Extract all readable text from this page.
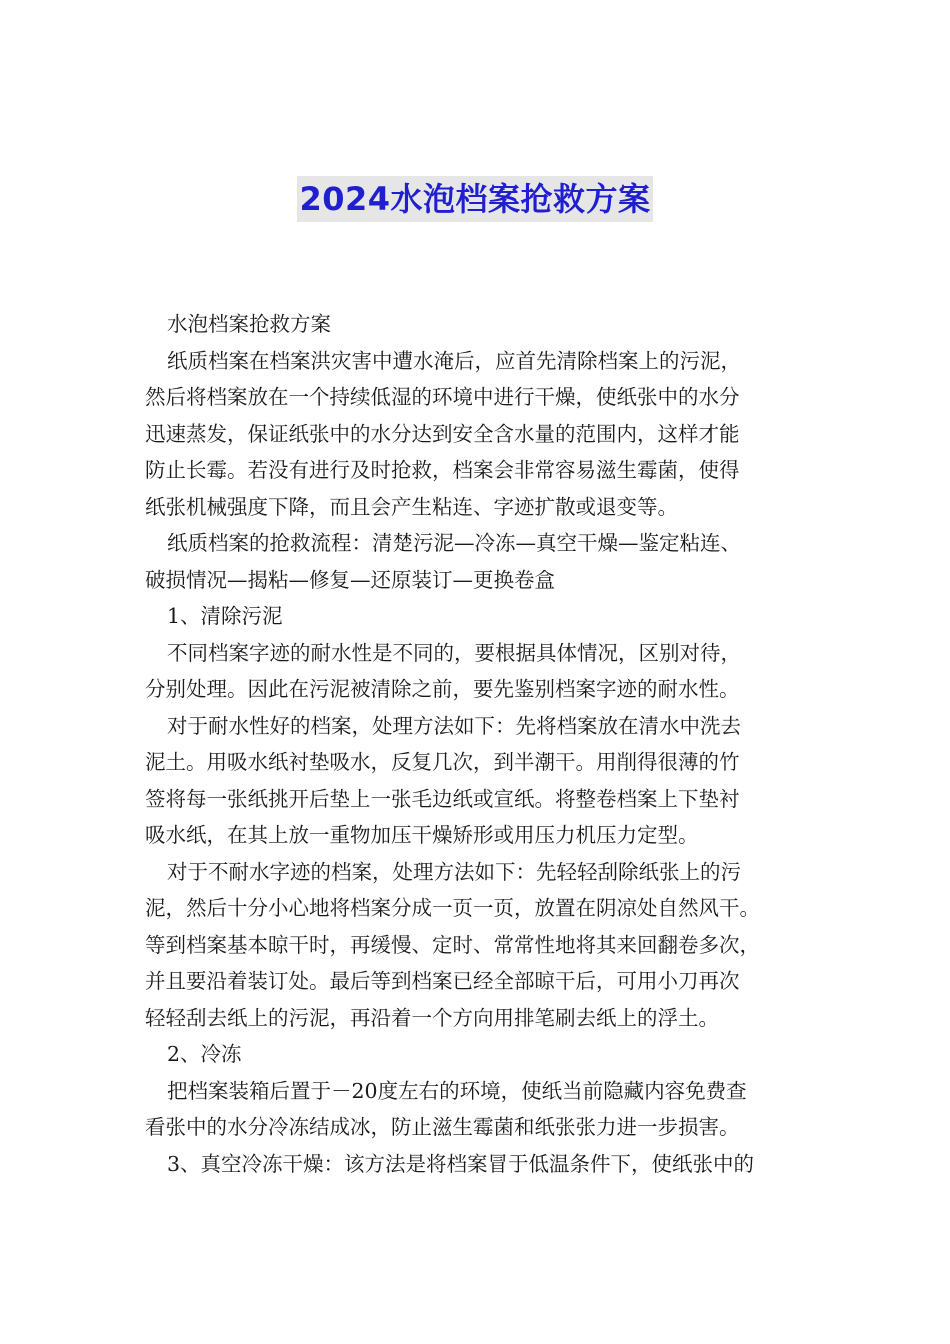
2024水泡档案抢救方案

水泡档案抢救方案

纸质档案在档案洪灾害中遭水淹后，应首先清除档案上的污泥，

然后将档案放在一个持续低湿的环境中进行干燥，使纸张中的水分

迅速蒸发，保证纸张中的水分达到安全含水量的范围内，这样才能

防止长霉。若没有进行及时抢救，档案会非常容易滋生霉菌，使得

纸张机械强度下降，而且会产生粘连、字迹扩散或退变等。

纸质档案的抢救流程：清楚污泥—冷冻—真空干燥—鉴定粘连、

破损情况—揭粘—修复—还原装订—更换卷盒

1、清除污泥

不同档案字迹的耐水性是不同的，要根据具体情况，区别对待，

分别处理。因此在污泥被清除之前，要先鉴别档案字迹的耐水性。

对于耐水性好的档案，处理方法如下：先将档案放在清水中洗去

泥土。用吸水纸衬垫吸水，反复几次，到半潮干。用削得很薄的竹

签将每一张纸挑开后垫上一张毛边纸或宣纸。将整卷档案上下垫衬

吸水纸，在其上放一重物加压干燥矫形或用压力机压力定型。

对于不耐水字迹的档案，处理方法如下：先轻轻刮除纸张上的污

泥，然后十分小心地将档案分成一页一页，放置在阴凉处自然风干。

等到档案基本晾干时，再缓慢、定时、常常性地将其来回翻卷多次，

并且要沿着装订处。最后等到档案已经全部晾干后，可用小刀再次

轻轻刮去纸上的污泥，再沿着一个方向用排笔刷去纸上的浮土。

2、冷冻

把档案装箱后置于－20度左右的环境，使纸当前隐藏内容免费查

看张中的水分冷冻结成冰，防止滋生霉菌和纸张张力进一步损害。

3、真空冷冻干燥：该方法是将档案冒于低温条件下，使纸张中的
